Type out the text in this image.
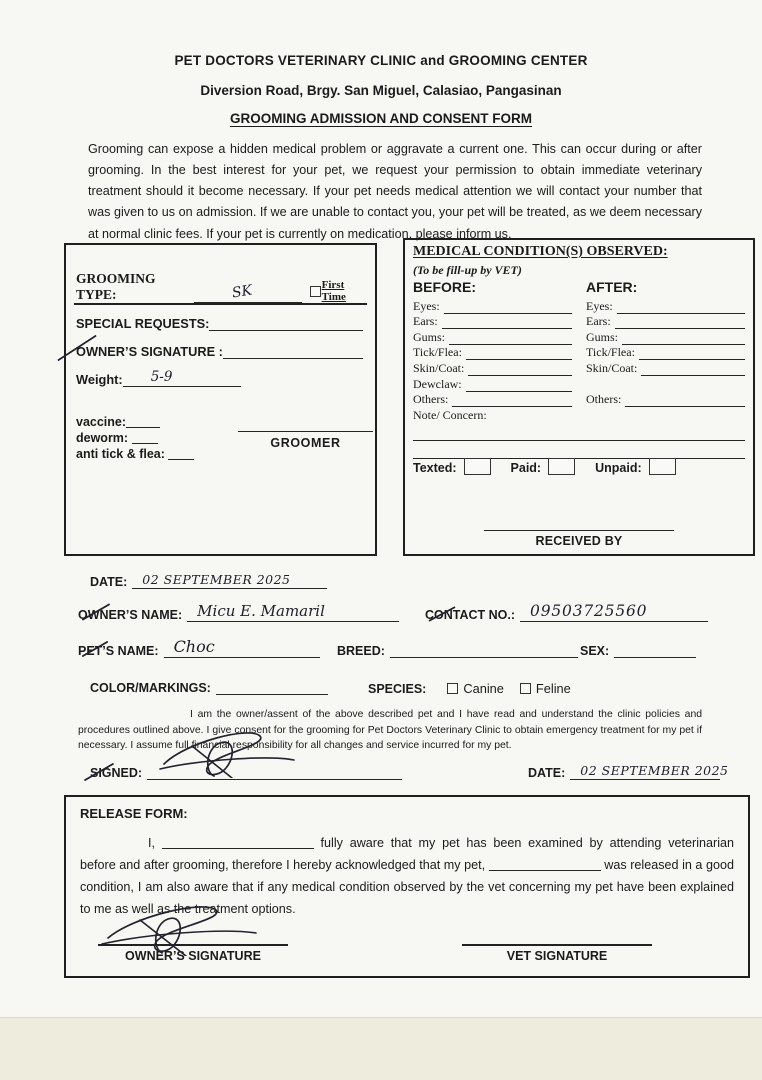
PET DOCTORS VETERINARY CLINIC and GROOMING CENTER
Diversion Road, Brgy. San Miguel, Calasiao, Pangasinan
GROOMING ADMISSION AND CONSENT FORM
Grooming can expose a hidden medical problem or aggravate a current one. This can occur during or after grooming. In the best interest for your pet, we request your permission to obtain immediate veterinary treatment should it become necessary. If your pet needs medical attention we will contact your number that was given to us on admission. If we are unable to contact you, your pet will be treated, as we deem necessary at normal clinic fees. If your pet is currently on medication, please inform us.
GROOMING TYPE:	SK	First Time
SPECIAL REQUESTS:
OWNER’S SIGNATURE :
Weight: 5-9
vaccine:
deworm:
anti tick & flea:
GROOMER
MEDICAL CONDITION(S) OBSERVED:
(To be fill-up by VET)
BEFORE:	AFTER:
Eyes:	Eyes:
Ears:	Ears:
Gums:	Gums:
Tick/Flea:	Tick/Flea:
Skin/Coat:	Skin/Coat:
Dewclaw:
Others:	Others:
Note/ Concern:
Texted:	Paid:	Unpaid:
RECEIVED BY
DATE: 02 SEPTEMBER 2025
OWNER’S NAME: Micu E. Mamaril	CONTACT NO.: 09503725560
PET’S NAME: Choc	BREED:	SEX:
COLOR/MARKINGS:	SPECIES:	Canine	Feline
I am the owner/assent of the above described pet and I have read and understand the clinic policies and procedures outlined above. I give consent for the grooming for Pet Doctors Veterinary Clinic to obtain emergency treatment for my pet if necessary. I assume full financial responsibility for all changes and service incurred for my pet.
SIGNED:	DATE: 02 SEPTEMBER 2025
RELEASE FORM:
I,	fully aware that my pet has been examined by attending veterinarian before and after grooming, therefore I hereby acknowledged that my pet,	was released in a good condition, I am also aware that if any medical condition observed by the vet concerning my pet have been explained to me as well as the treatment options.
OWNER’S SIGNATURE	VET SIGNATURE
